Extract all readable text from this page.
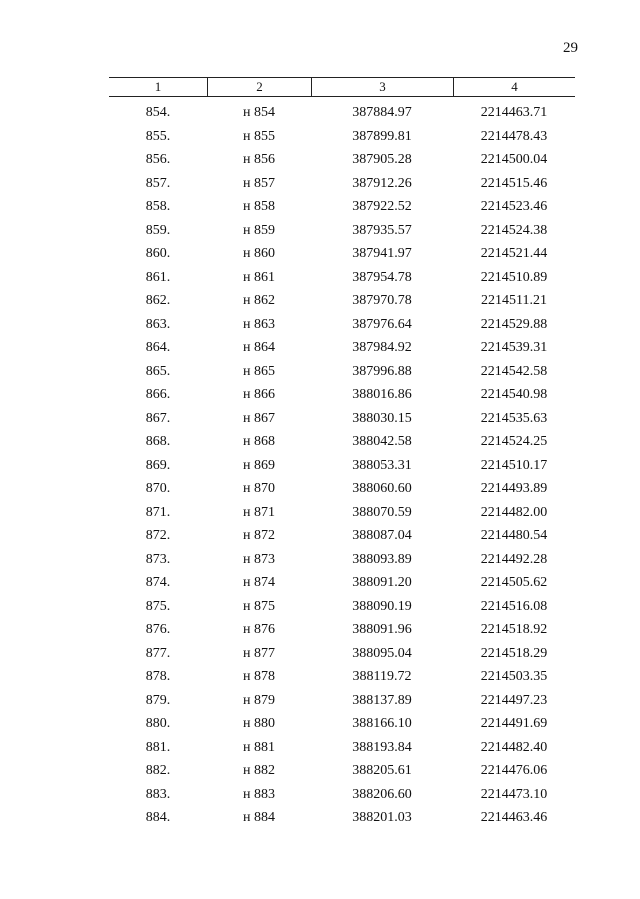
29
1	2	3	4
854.	н 854	387884.97	2214463.71
855.	н 855	387899.81	2214478.43
856.	н 856	387905.28	2214500.04
857.	н 857	387912.26	2214515.46
858.	н 858	387922.52	2214523.46
859.	н 859	387935.57	2214524.38
860.	н 860	387941.97	2214521.44
861.	н 861	387954.78	2214510.89
862.	н 862	387970.78	2214511.21
863.	н 863	387976.64	2214529.88
864.	н 864	387984.92	2214539.31
865.	н 865	387996.88	2214542.58
866.	н 866	388016.86	2214540.98
867.	н 867	388030.15	2214535.63
868.	н 868	388042.58	2214524.25
869.	н 869	388053.31	2214510.17
870.	н 870	388060.60	2214493.89
871.	н 871	388070.59	2214482.00
872.	н 872	388087.04	2214480.54
873.	н 873	388093.89	2214492.28
874.	н 874	388091.20	2214505.62
875.	н 875	388090.19	2214516.08
876.	н 876	388091.96	2214518.92
877.	н 877	388095.04	2214518.29
878.	н 878	388119.72	2214503.35
879.	н 879	388137.89	2214497.23
880.	н 880	388166.10	2214491.69
881.	н 881	388193.84	2214482.40
882.	н 882	388205.61	2214476.06
883.	н 883	388206.60	2214473.10
884.	н 884	388201.03	2214463.46
